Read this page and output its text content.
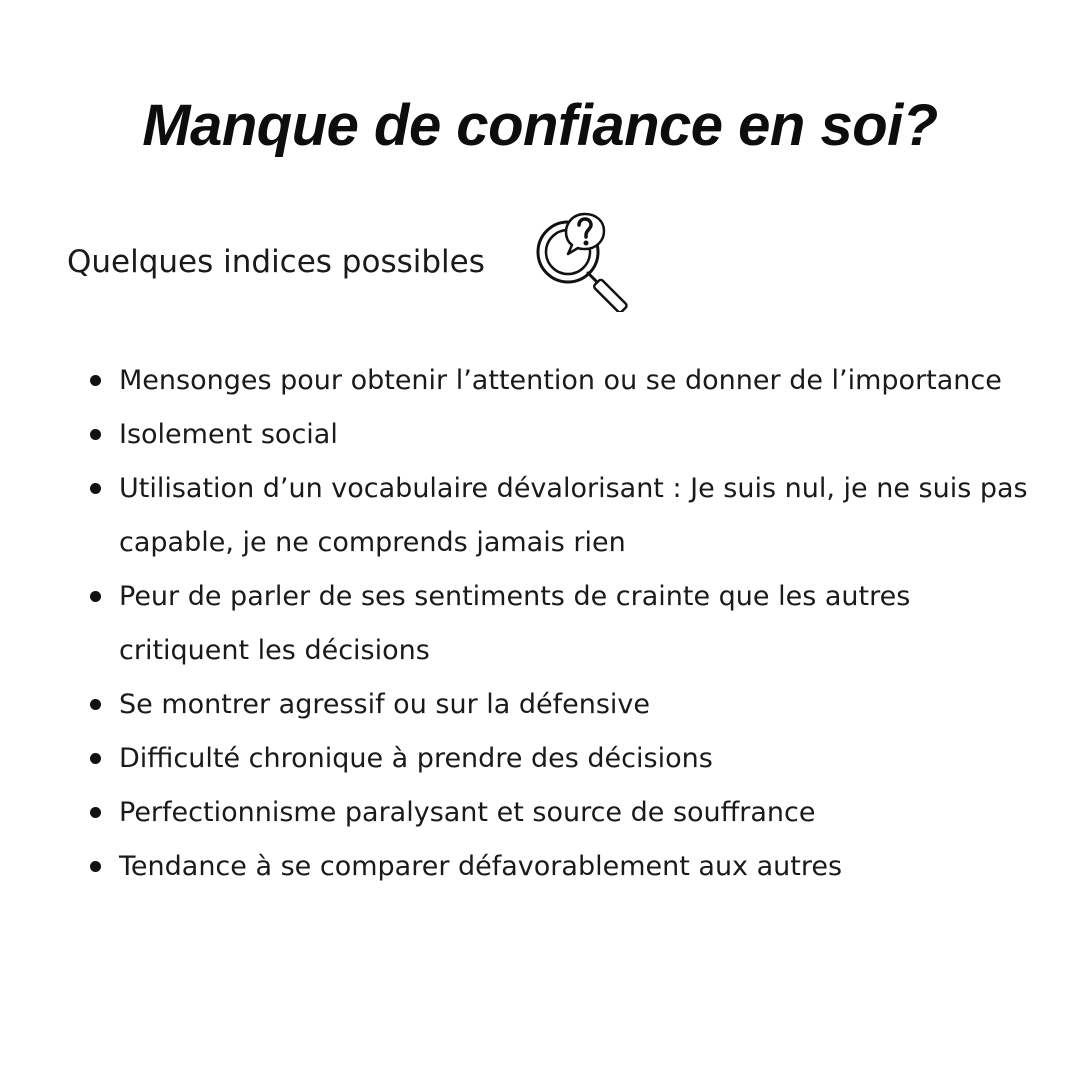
Manque de confiance en soi?

Quelques indices possibles

Mensonges pour obtenir l’attention ou se donner de l’importance
Isolement social
Utilisation d’un vocabulaire dévalorisant : Je suis nul, je ne suis pas capable, je ne comprends jamais rien
Peur de parler de ses sentiments de crainte que les autres critiquent les décisions
Se montrer agressif ou sur la défensive
Difficulté chronique à prendre des décisions
Perfectionnisme paralysant et source de souffrance
Tendance à se comparer défavorablement aux autres
